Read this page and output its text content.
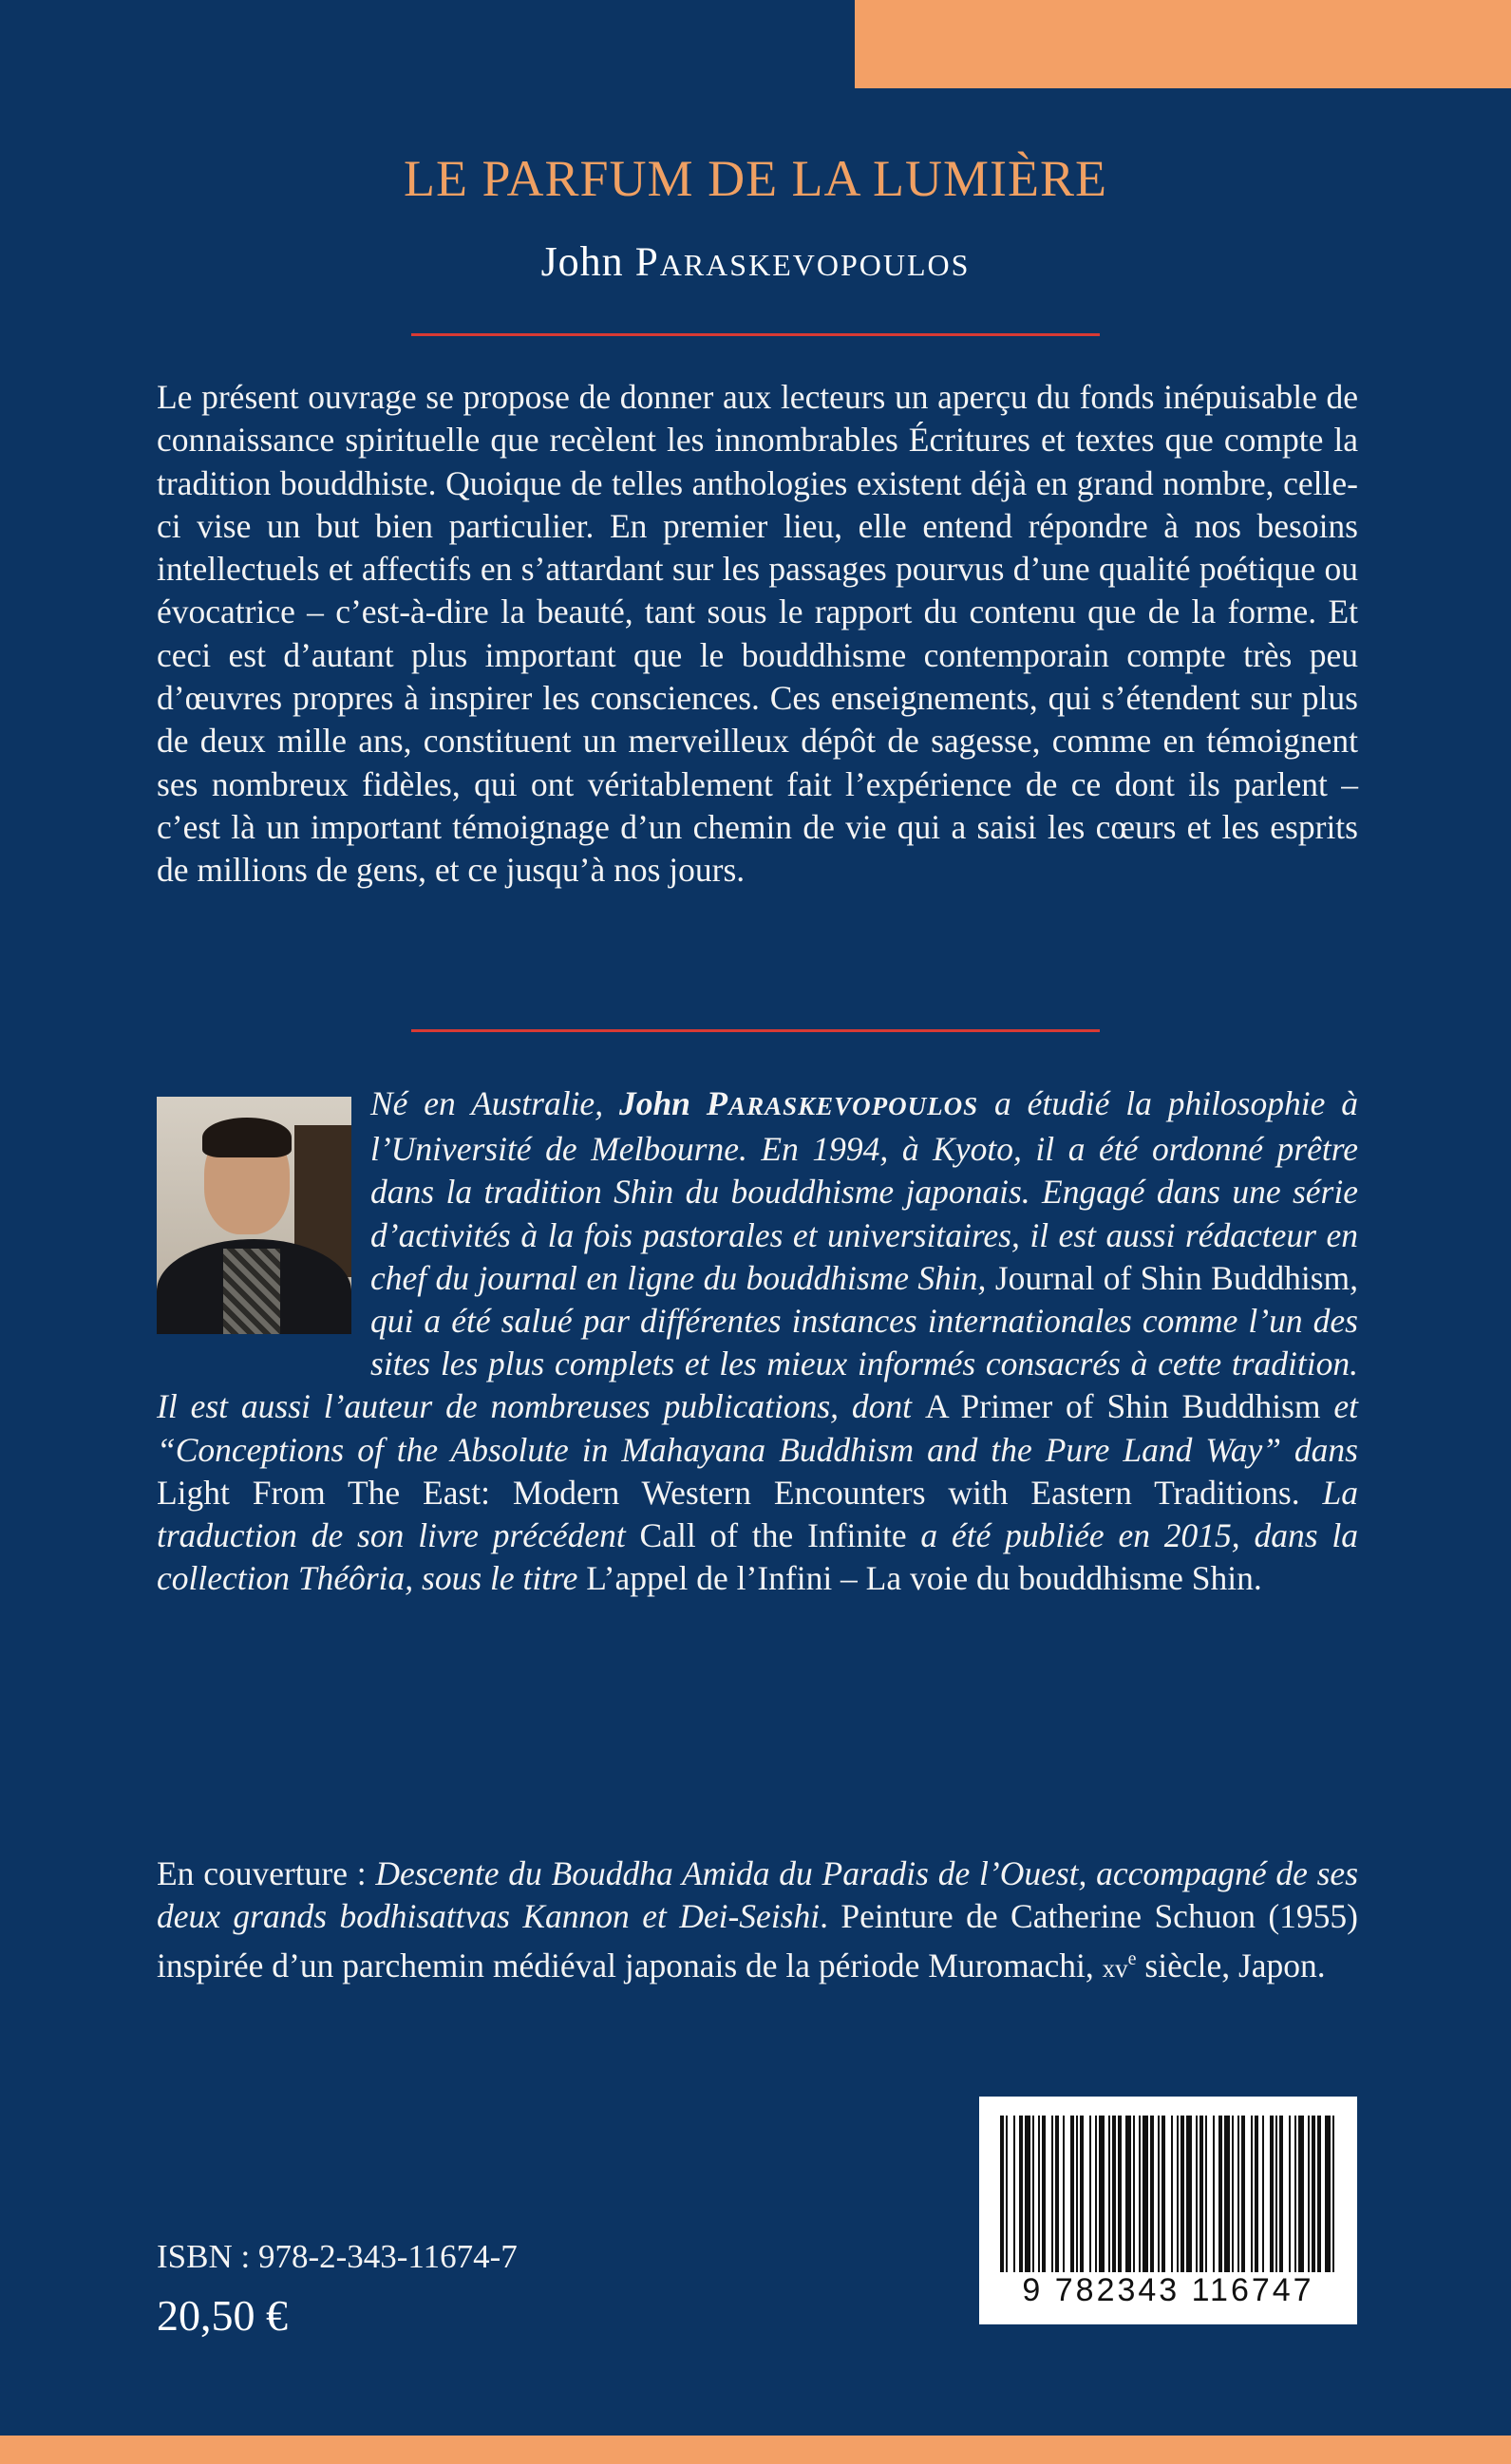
LE PARFUM DE LA LUMIÈRE
John PARASKEVOPOULOS

Le présent ouvrage se propose de donner aux lecteurs un aperçu du fonds inépuisable de connaissance spirituelle que recèlent les innombrables Écritures et textes que compte la tradition bouddhiste. Quoique de telles anthologies existent déjà en grand nombre, celle-ci vise un but bien particulier. En premier lieu, elle entend répondre à nos besoins intellectuels et affectifs en s’attardant sur les passages pourvus d’une qualité poétique ou évocatrice – c’est-à-dire la beauté, tant sous le rapport du contenu que de la forme. Et ceci est d’autant plus important que le bouddhisme contemporain compte très peu d’œuvres propres à inspirer les consciences. Ces enseignements, qui s’étendent sur plus de deux mille ans, constituent un merveilleux dépôt de sagesse, comme en témoignent ses nombreux fidèles, qui ont véritablement fait l’expérience de ce dont ils parlent – c’est là un important témoignage d’un chemin de vie qui a saisi les cœurs et les esprits de millions de gens, et ce jusqu’à nos jours.

Né en Australie, John PARASKEVOPOULOS a étudié la philosophie à l’Université de Melbourne. En 1994, à Kyoto, il a été ordonné prêtre dans la tradition Shin du bouddhisme japonais. Engagé dans une série d’activités à la fois pastorales et universitaires, il est aussi rédacteur en chef du journal en ligne du bouddhisme Shin, Journal of Shin Buddhism, qui a été salué par différentes instances internationales comme l’un des sites les plus complets et les mieux informés consacrés à cette tradition. Il est aussi l’auteur de nombreuses publications, dont A Primer of Shin Buddhism et “Conceptions of the Absolute in Mahayana Buddhism and the Pure Land Way” dans Light From The East: Modern Western Encounters with Eastern Traditions. La traduction de son livre précédent Call of the Infinite a été publiée en 2015, dans la collection Théôria, sous le titre L’appel de l’Infini – La voie du bouddhisme Shin.

En couverture : Descente du Bouddha Amida du Paradis de l’Ouest, accompagné de ses deux grands bodhisattvas Kannon et Dei-Seishi. Peinture de Catherine Schuon (1955) inspirée d’un parchemin médiéval japonais de la période Muromachi, $xv^e$ siècle, Japon.

ISBN : 978-2-343-11674-7
20,50 €
9 782343 116747
